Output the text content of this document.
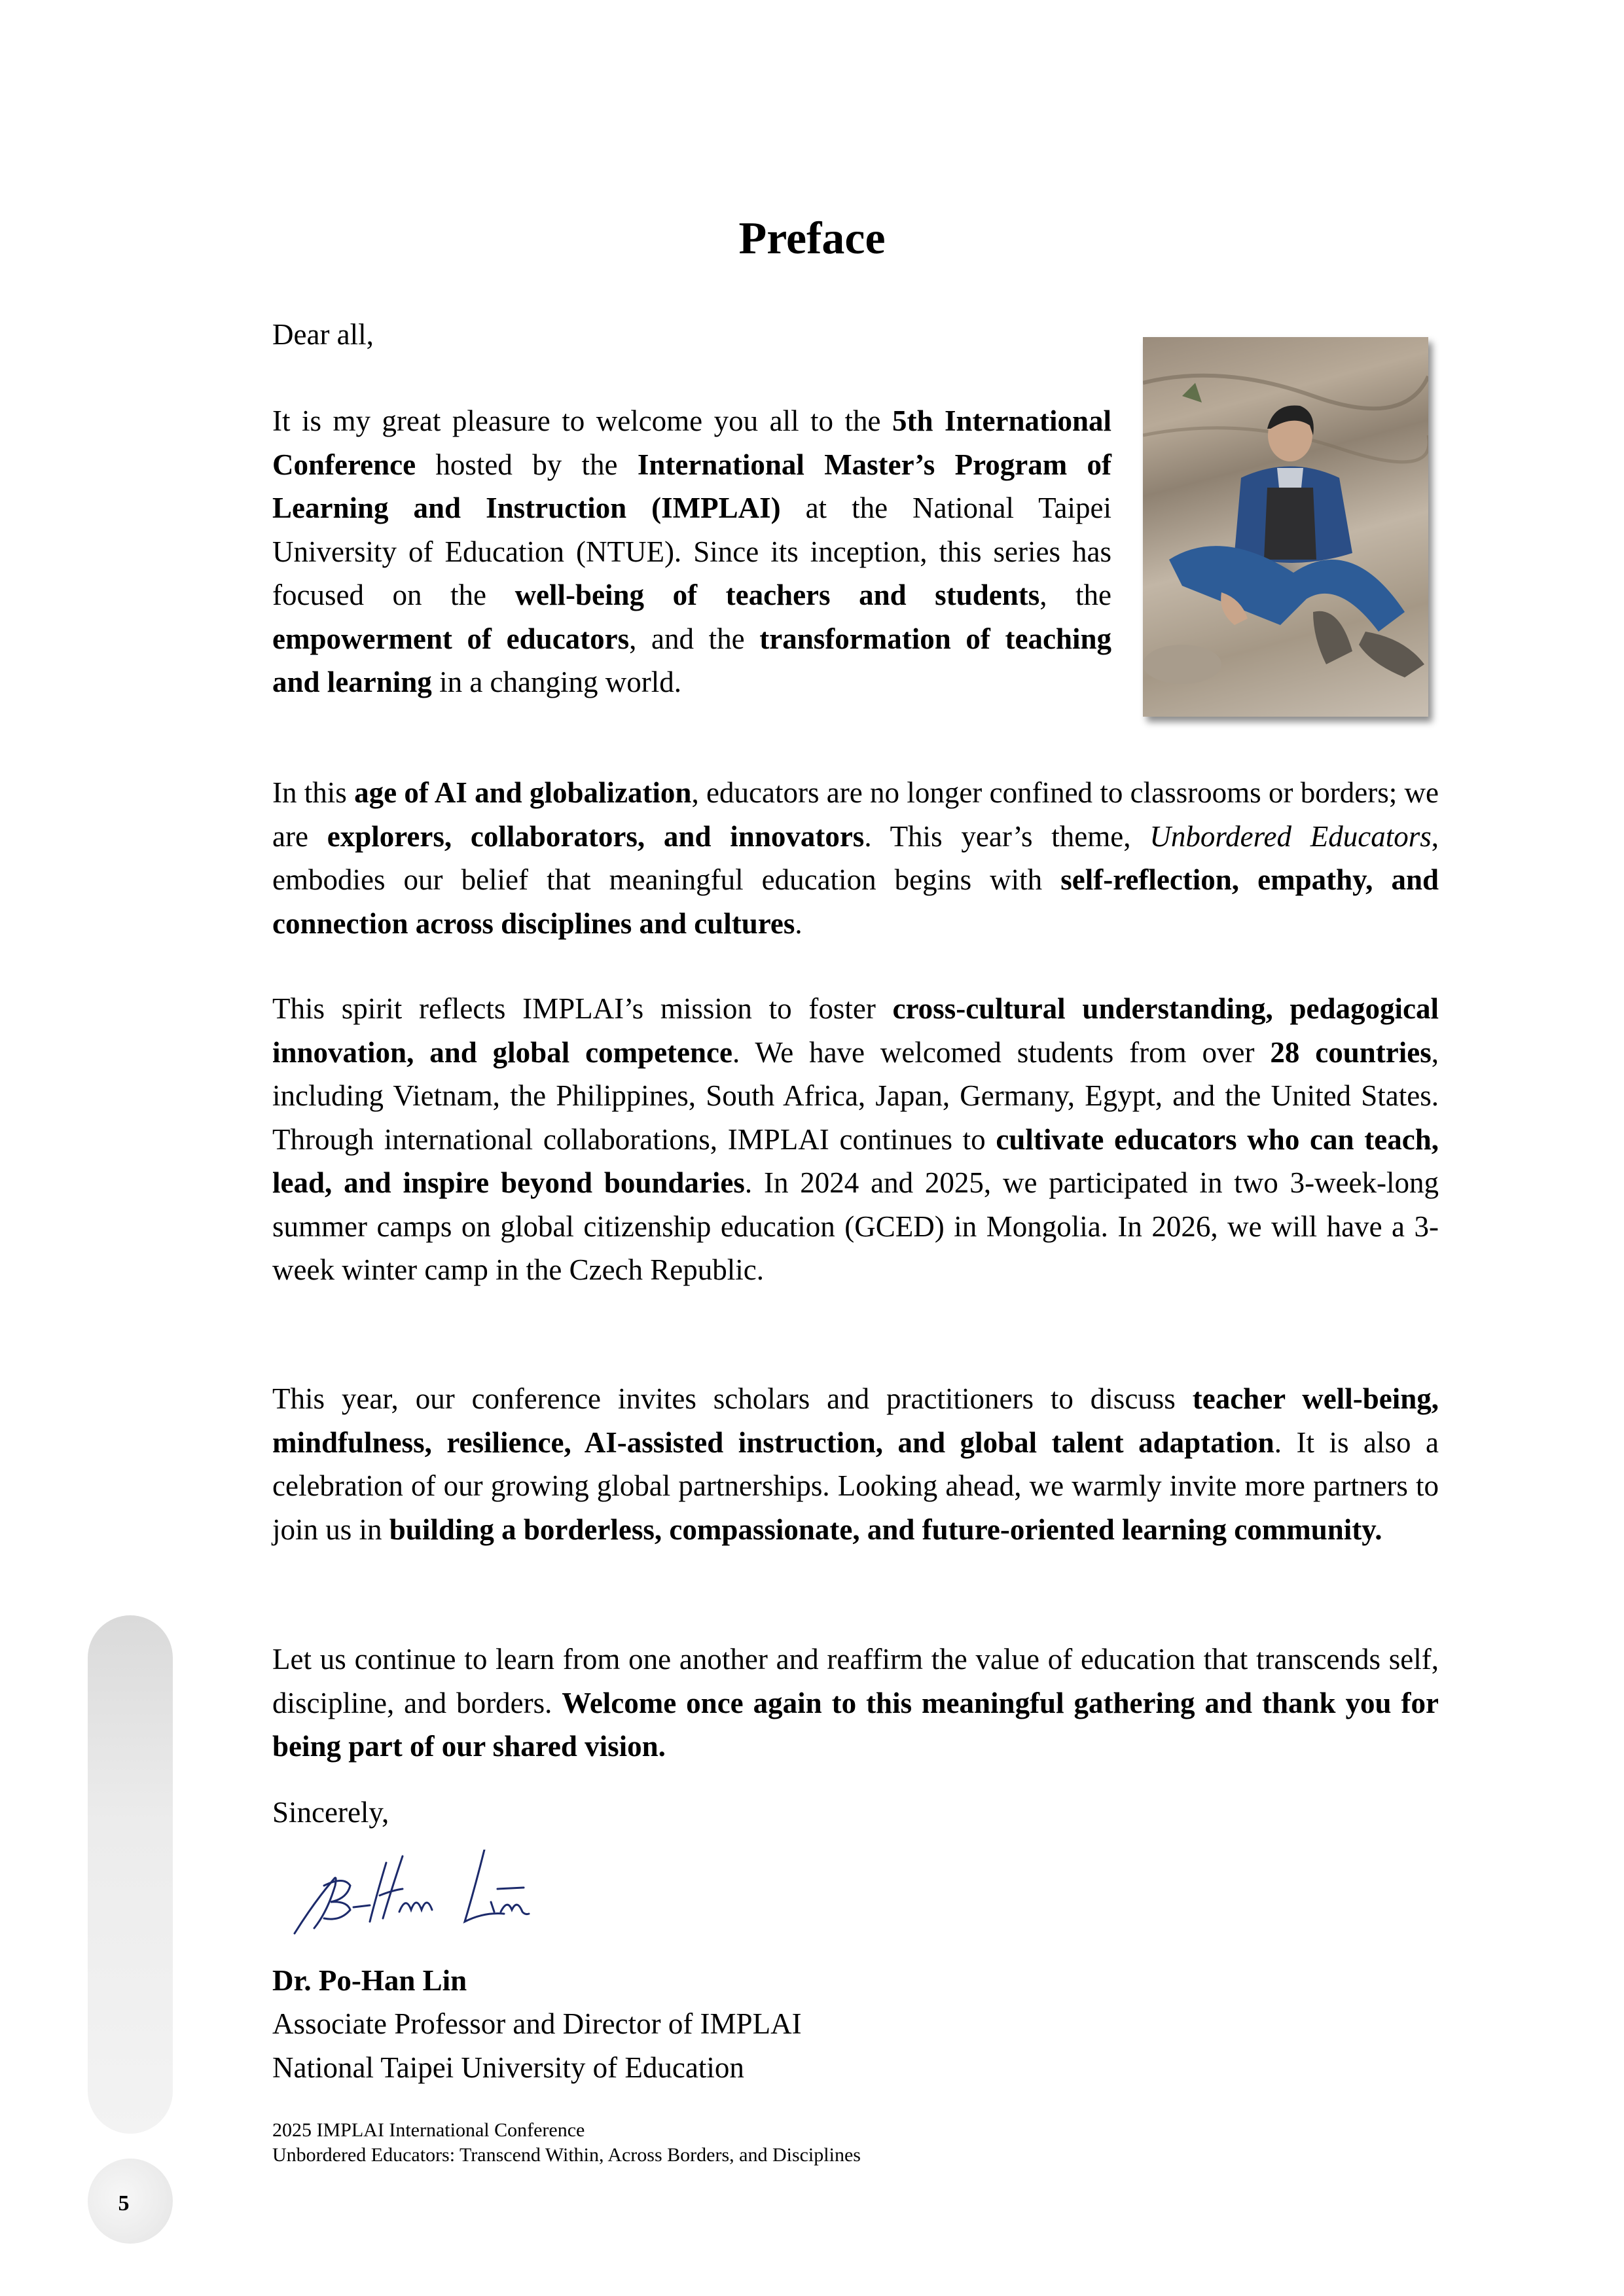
Preface
Dear all,
It is my great pleasure to welcome you all to the 5th International Conference hosted by the International Master’s Program of Learning and Instruction (IMPLAI) at the National Taipei University of Education (NTUE). Since its inception, this series has focused on the well-being of teachers and students, the empowerment of educators, and the transformation of teaching and learning in a changing world.
In this age of AI and globalization, educators are no longer confined to classrooms or borders; we are explorers, collaborators, and innovators. This year’s theme, Unbordered Educators, embodies our belief that meaningful education begins with self-reflection, empathy, and connection across disciplines and cultures.
This spirit reflects IMPLAI’s mission to foster cross-cultural understanding, pedagogical innovation, and global competence. We have welcomed students from over 28 countries, including Vietnam, the Philippines, South Africa, Japan, Germany, Egypt, and the United States. Through international collaborations, IMPLAI continues to cultivate educators who can teach, lead, and inspire beyond boundaries. In 2024 and 2025, we participated in two 3-week-long summer camps on global citizenship education (GCED) in Mongolia. In 2026, we will have a 3-week winter camp in the Czech Republic.
This year, our conference invites scholars and practitioners to discuss teacher well-being, mindfulness, resilience, AI-assisted instruction, and global talent adaptation. It is also a celebration of our growing global partnerships. Looking ahead, we warmly invite more partners to join us in building a borderless, compassionate, and future-oriented learning community.
Let us continue to learn from one another and reaffirm the value of education that transcends self, discipline, and borders. Welcome once again to this meaningful gathering and thank you for being part of our shared vision.
Sincerely,
Dr. Po-Han Lin
Associate Professor and Director of IMPLAI
National Taipei University of Education
2025 IMPLAI International Conference
Unbordered Educators: Transcend Within, Across Borders, and Disciplines
5
